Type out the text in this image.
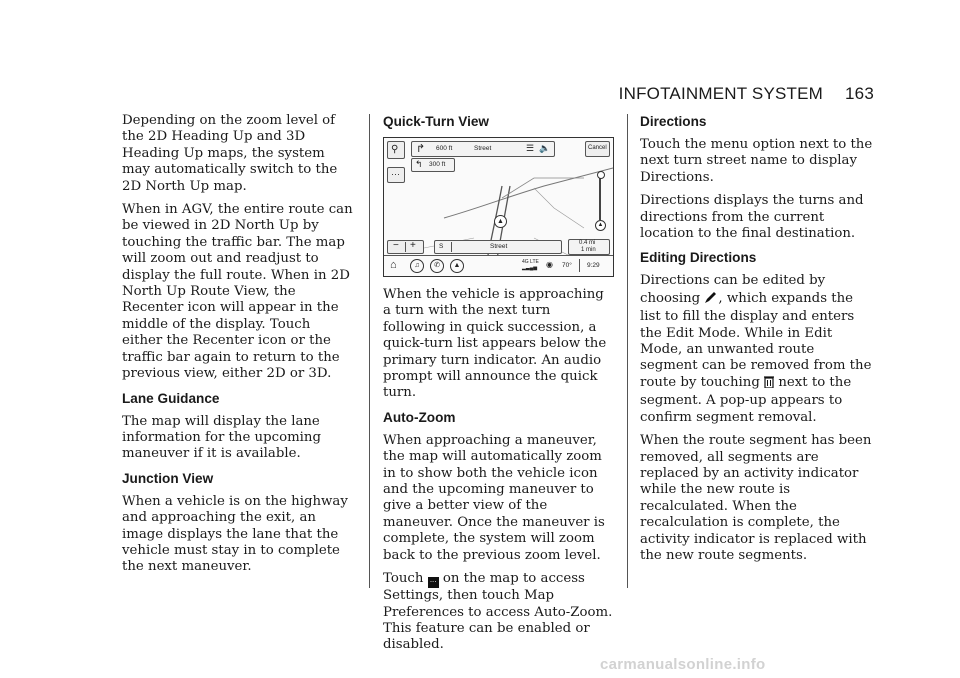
INFOTAINMENT SYSTEM 163

Depending on the zoom level of the 2D Heading Up and 3D Heading Up maps, the system may automatically switch to the 2D North Up map.

When in AGV, the entire route can be viewed in 2D North Up by touching the traffic bar. The map will zoom out and readjust to display the full route. When in 2D North Up Route View, the Recenter icon will appear in the middle of the display. Touch either the Recenter icon or the traffic bar again to return to the previous view, either 2D or 3D.

Lane Guidance

The map will display the lane information for the upcoming maneuver if it is available.

Junction View

When a vehicle is on the highway and approaching the exit, an image displays the lane that the vehicle must stay in to complete the next maneuver.

Quick-Turn View
⚲
···
↱ 600 ft	Street	☰ 🔈
↰ 300 ft
Cancel
▲	▲
− +	S	Street	0.4 mi
1 min
⌂	♫	✆	▲	4G LTE
▂▃▄▅ ◉ 70° 9:29

When the vehicle is approaching a turn with the next turn following in quick succession, a quick-turn list appears below the primary turn indicator. An audio prompt will announce the quick turn.

Auto-Zoom

When approaching a maneuver, the map will automatically zoom in to show both the vehicle icon and the upcoming maneuver to give a better view of the maneuver. Once the maneuver is complete, the system will zoom back to the previous zoom level.

Touch ··· on the map to access Settings, then touch Map Preferences to access Auto-Zoom. This feature can be enabled or disabled.

Directions

Touch the menu option next to the next turn street name to display Directions.

Directions displays the turns and directions from the current location to the final destination.

Editing Directions

Directions can be edited by choosing , which expands the list to fill the display and enters the Edit Mode. While in Edit Mode, an unwanted route segment can be removed from the route by touching next to the segment. A pop-up appears to confirm segment removal.

When the route segment has been removed, all segments are replaced by an activity indicator while the new route is recalculated. When the recalculation is complete, the activity indicator is replaced with the new route segments.

carmanualsonline.info
